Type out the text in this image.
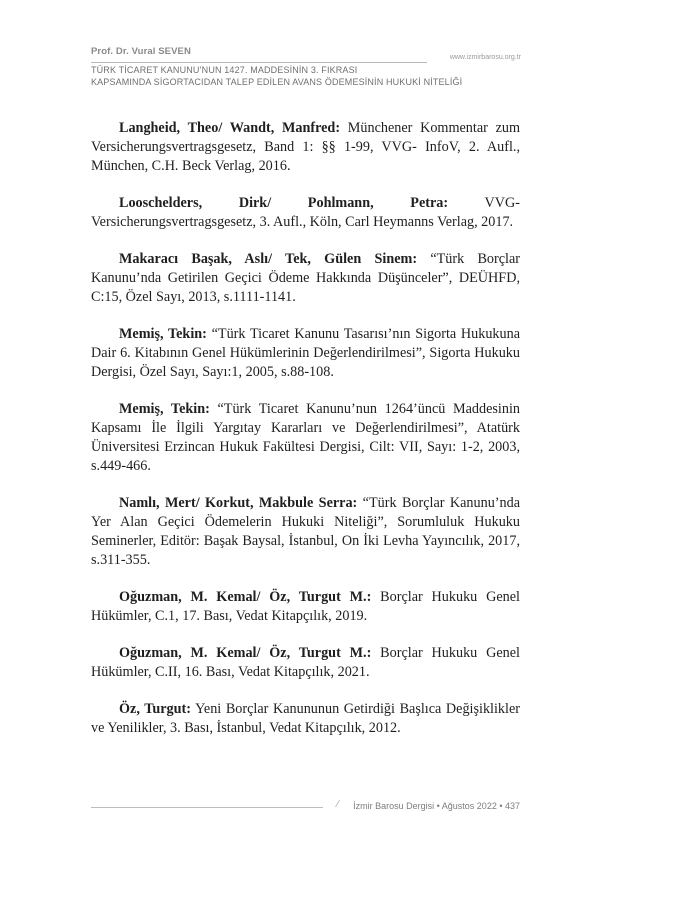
Prof. Dr. Vural SEVEN
www.izmirbarosu.org.tr
TÜRK TİCARET KANUNU’NUN 1427. MADDESİNİN 3. FIKRASI
KAPSAMINDA SİGORTACIDAN TALEP EDİLEN AVANS ÖDEMESİNİN HUKUKİ NİTELİĞİ

Langheid, Theo/ Wandt, Manfred: Münchener Kommentar zum Versicherungsvertragsgesetz, Band 1: §§ 1-99, VVG- InfoV, 2. Aufl., München, C.H. Beck Verlag, 2016.

Looschelders, Dirk/ Pohlmann, Petra:	VVG- Versicherungsvertragsgesetz, 3. Aufl., Köln, Carl Heymanns Verlag, 2017.

Makaracı Başak, Aslı/ Tek, Gülen Sinem: “Türk Borçlar Kanunu’nda Getirilen Geçici Ödeme Hakkında Düşünceler”, DEÜHFD, C:15, Özel Sayı, 2013, s.1111-1141.

Memiş, Tekin: “Türk Ticaret Kanunu Tasarısı’nın Sigorta Hukukuna Dair 6. Kitabının Genel Hükümlerinin Değerlendirilmesi”, Sigorta Hukuku Dergisi, Özel Sayı, Sayı:1, 2005, s.88-108.

Memiş, Tekin: “Türk Ticaret Kanunu’nun 1264’üncü Maddesinin Kapsamı İle İlgili Yargıtay Kararları ve Değerlendirilmesi”, Atatürk Üniversitesi Erzincan Hukuk Fakültesi Dergisi, Cilt: VII, Sayı: 1-2, 2003, s.449-466.

Namlı, Mert/ Korkut, Makbule Serra: “Türk Borçlar Kanunu’nda Yer Alan Geçici Ödemelerin Hukuki Niteliği”, Sorumluluk Hukuku Seminerler, Editör: Başak Baysal, İstanbul, On İki Levha Yayıncılık, 2017, s.311-355.

Oğuzman, M. Kemal/ Öz, Turgut M.: Borçlar Hukuku Genel Hükümler, C.1, 17. Bası, Vedat Kitapçılık, 2019.

Oğuzman, M. Kemal/ Öz, Turgut M.: Borçlar Hukuku Genel Hükümler, C.II, 16. Bası, Vedat Kitapçılık, 2021.

Öz, Turgut: Yeni Borçlar Kanununun Getirdiği Başlıca Değişiklikler ve Yenilikler, 3. Bası, İstanbul, Vedat Kitapçılık, 2012.

İzmir Barosu Dergisi • Ağustos 2022 • 437
